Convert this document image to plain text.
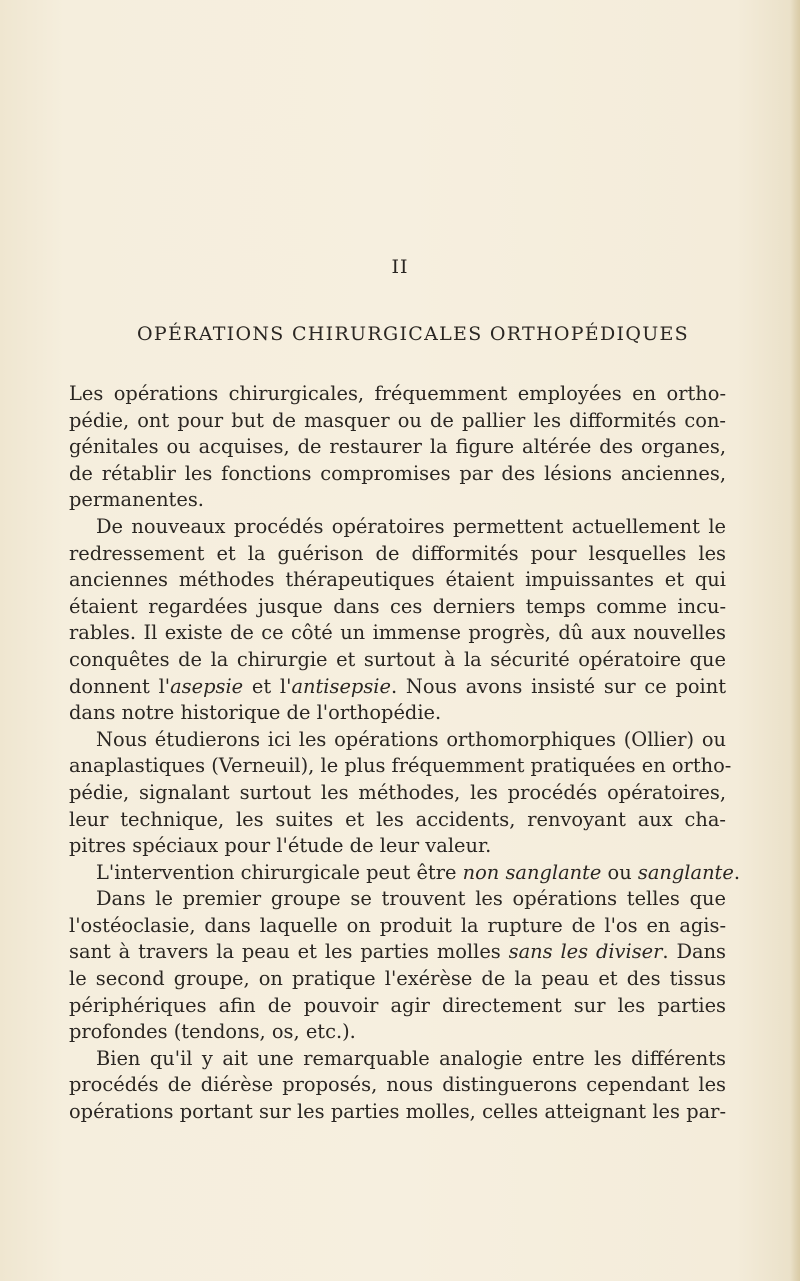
II
OPÉRATIONS CHIRURGICALES ORTHOPÉDIQUES
Les opérations chirurgicales, fréquemment employées en ortho-
pédie, ont pour but de masquer ou de pallier les difformités con-
génitales ou acquises, de restaurer la figure altérée des organes,
de rétablir les fonctions compromises par des lésions anciennes,
permanentes.
De nouveaux procédés opératoires permettent actuellement le
redressement et la guérison de difformités pour lesquelles les
anciennes méthodes thérapeutiques étaient impuissantes et qui
étaient regardées jusque dans ces derniers temps comme incu-
rables. Il existe de ce côté un immense progrès, dû aux nouvelles
conquêtes de la chirurgie et surtout à la sécurité opératoire que
donnent l'asepsie et l'antisepsie. Nous avons insisté sur ce point
dans notre historique de l'orthopédie.
Nous étudierons ici les opérations orthomorphiques (Ollier) ou
anaplastiques (Verneuil), le plus fréquemment pratiquées en ortho-
pédie, signalant surtout les méthodes, les procédés opératoires,
leur technique, les suites et les accidents, renvoyant aux cha-
pitres spéciaux pour l'étude de leur valeur.
L'intervention chirurgicale peut être non sanglante ou sanglante.
Dans le premier groupe se trouvent les opérations telles que
l'ostéoclasie, dans laquelle on produit la rupture de l'os en agis-
sant à travers la peau et les parties molles sans les diviser. Dans
le second groupe, on pratique l'exérèse de la peau et des tissus
périphériques afin de pouvoir agir directement sur les parties
profondes (tendons, os, etc.).
Bien qu'il y ait une remarquable analogie entre les différents
procédés de diérèse proposés, nous distinguerons cependant les
opérations portant sur les parties molles, celles atteignant les par-
